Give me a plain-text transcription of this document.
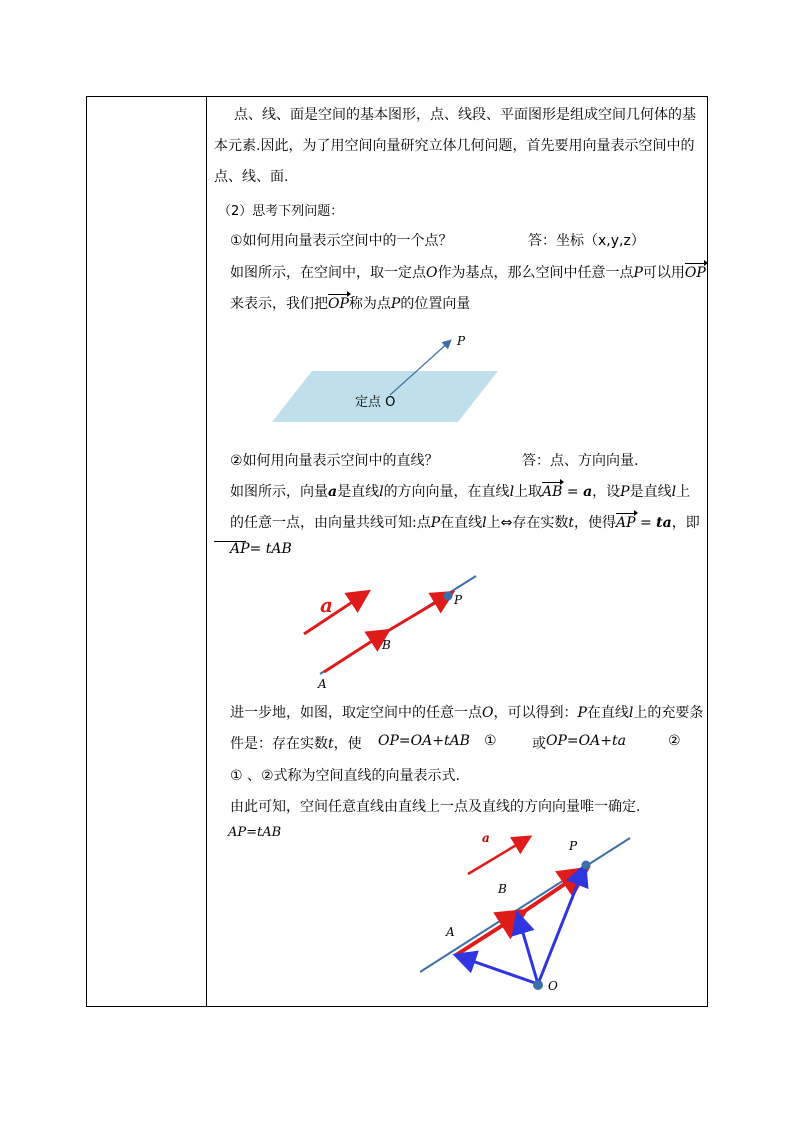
点、线、面是空间的基本图形，点、线段、平面图形是组成空间几何体的基
本元素.因此，为了用空间向量研究立体几何问题，首先要用向量表示空间中的
点、线、面.
（2）思考下列问题：
①如何用向量表示空间中的一个点？	答：坐标（x,y,z）
如图所示，在空间中，取一定点O作为基点，那么空间中任意一点P可以用OP
来表示，我们把OP称为点P的位置向量
P
定点 O
②如何用向量表示空间中的直线？	答：点、方向向量.
如图所示，向量a是直线l的方向向量，在直线l上取AB = a，设P是直线l上
的任意一点，由向量共线可知:点P在直线l上⇔存在实数t，使得AP = ta，即
AP= tAB
a
A
B
P
进一步地，如图，取定空间中的任意一点O，可以得到：P在直线l上的充要条
件是：存在实数t，使 OP=OA+tAB ①	或 OP=OA+ta	②
① 、②式称为空间直线的向量表示式.
由此可知，空间任意直线由直线上一点及直线的方向向量唯一确定.
AP=tAB	a
A
B
P
O
